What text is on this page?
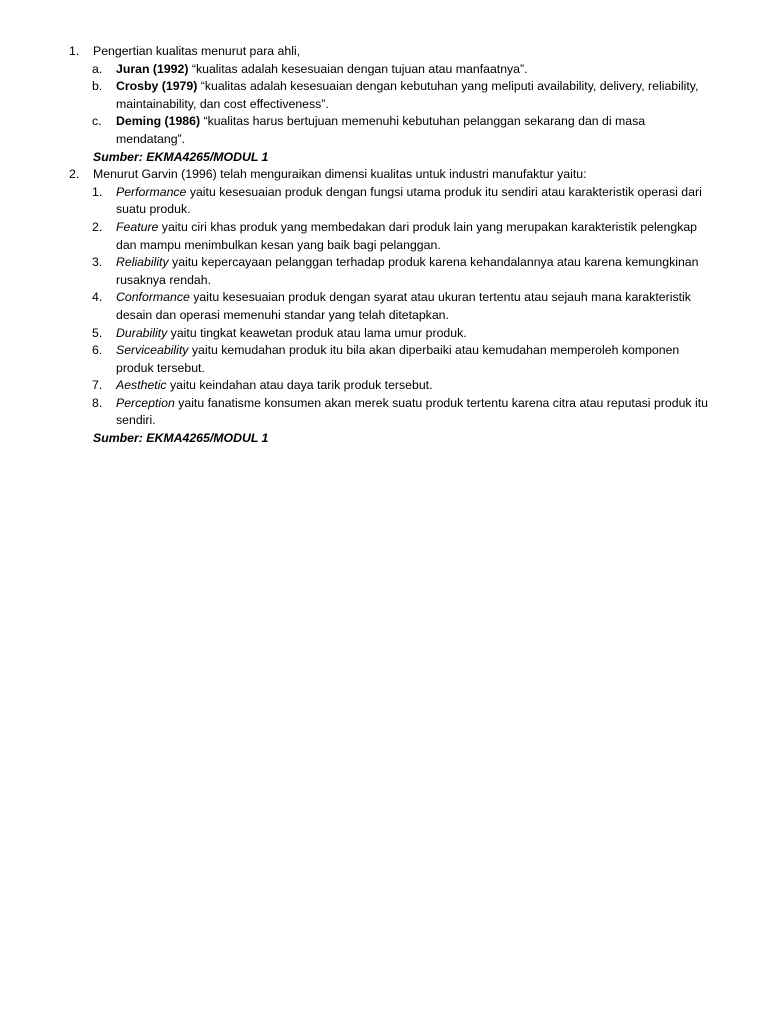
1. Pengertian kualitas menurut para ahli,
a. Juran (1992) “kualitas adalah kesesuaian dengan tujuan atau manfaatnya”.
b. Crosby (1979) “kualitas adalah kesesuaian dengan kebutuhan yang meliputi availability, delivery, reliability, maintainability, dan cost effectiveness”.
c. Deming (1986) “kualitas harus bertujuan memenuhi kebutuhan pelanggan sekarang dan di masa mendatang”.
Sumber: EKMA4265/MODUL 1
2. Menurut Garvin (1996) telah menguraikan dimensi kualitas untuk industri manufaktur yaitu:
1. Performance yaitu kesesuaian produk dengan fungsi utama produk itu sendiri atau karakteristik operasi dari suatu produk.
2. Feature yaitu ciri khas produk yang membedakan dari produk lain yang merupakan karakteristik pelengkap dan mampu menimbulkan kesan yang baik bagi pelanggan.
3. Reliability yaitu kepercayaan pelanggan terhadap produk karena kehandalannya atau karena kemungkinan rusaknya rendah.
4. Conformance yaitu kesesuaian produk dengan syarat atau ukuran tertentu atau sejauh mana karakteristik desain dan operasi memenuhi standar yang telah ditetapkan.
5. Durability yaitu tingkat keawetan produk atau lama umur produk.
6. Serviceability yaitu kemudahan produk itu bila akan diperbaiki atau kemudahan memperoleh komponen produk tersebut.
7. Aesthetic yaitu keindahan atau daya tarik produk tersebut.
8. Perception yaitu fanatisme konsumen akan merek suatu produk tertentu karena citra atau reputasi produk itu sendiri.
Sumber: EKMA4265/MODUL 1
